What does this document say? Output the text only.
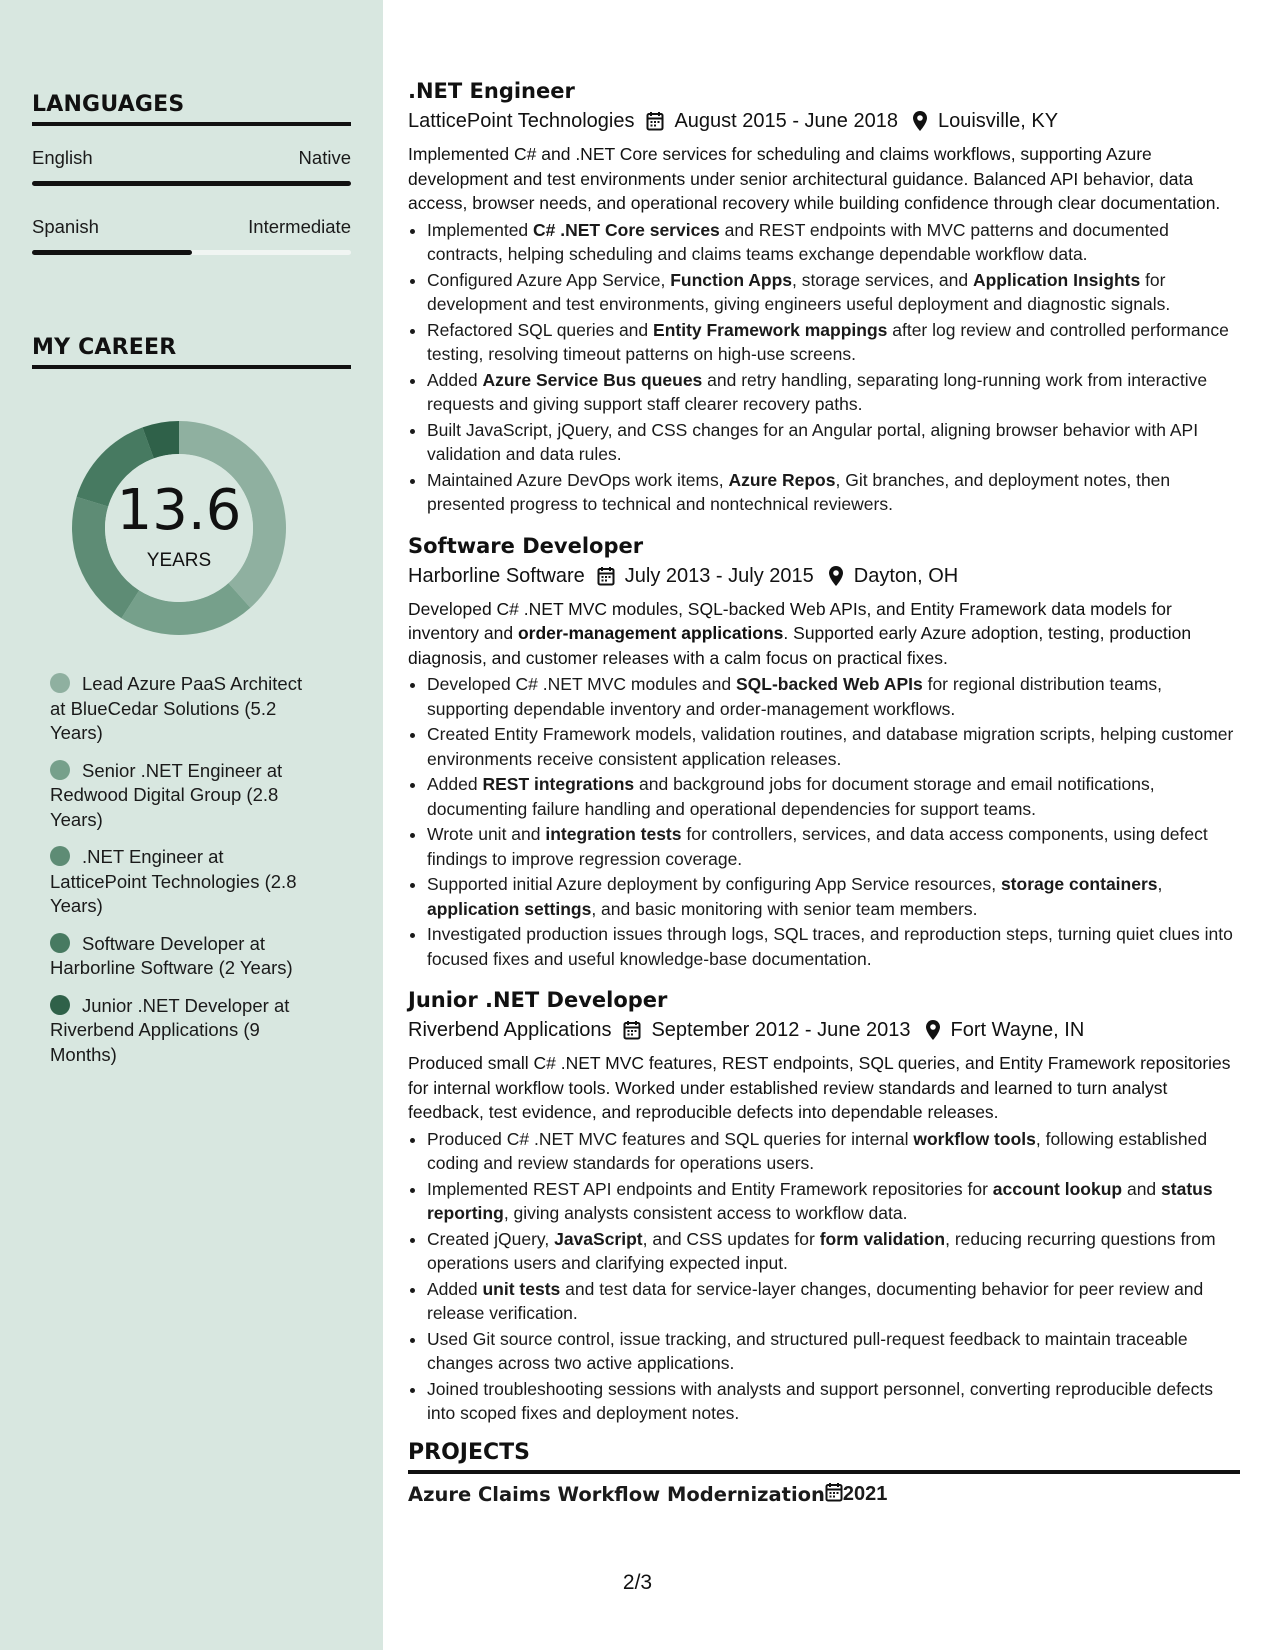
LANGUAGES
English	Native
Spanish	Intermediate
MY CAREER
13.6
YEARS
Lead Azure PaaS Architect at BlueCedar Solutions (5.2 Years)
Senior .NET Engineer at Redwood Digital Group (2.8 Years)
.NET Engineer at LatticePoint Technologies (2.8 Years)
Software Developer at Harborline Software (2 Years)
Junior .NET Developer at Riverbend Applications (9 Months)
.NET Engineer
LatticePoint Technologies August 2015 - June 2018 Louisville, KY

Implemented C# and .NET Core services for scheduling and claims workflows, supporting Azure development and test environments under senior architectural guidance. Balanced API behavior, data access, browser needs, and operational recovery while building confidence through clear documentation.

• Implemented C# .NET Core services and REST endpoints with MVC patterns and documented contracts, helping scheduling and claims teams exchange dependable workflow data.
• Configured Azure App Service, Function Apps, storage services, and Application Insights for development and test environments, giving engineers useful deployment and diagnostic signals.
• Refactored SQL queries and Entity Framework mappings after log review and controlled performance testing, resolving timeout patterns on high-use screens.
• Added Azure Service Bus queues and retry handling, separating long-running work from interactive requests and giving support staff clearer recovery paths.
• Built JavaScript, jQuery, and CSS changes for an Angular portal, aligning browser behavior with API validation and data rules.
• Maintained Azure DevOps work items, Azure Repos, Git branches, and deployment notes, then presented progress to technical and nontechnical reviewers.
Software Developer
Harborline Software July 2013 - July 2015 Dayton, OH

Developed C# .NET MVC modules, SQL-backed Web APIs, and Entity Framework data models for inventory and order-management applications. Supported early Azure adoption, testing, production diagnosis, and customer releases with a calm focus on practical fixes.

• Developed C# .NET MVC modules and SQL-backed Web APIs for regional distribution teams, supporting dependable inventory and order-management workflows.
• Created Entity Framework models, validation routines, and database migration scripts, helping customer environments receive consistent application releases.
• Added REST integrations and background jobs for document storage and email notifications, documenting failure handling and operational dependencies for support teams.
• Wrote unit and integration tests for controllers, services, and data access components, using defect findings to improve regression coverage.
• Supported initial Azure deployment by configuring App Service resources, storage containers, application settings, and basic monitoring with senior team members.
• Investigated production issues through logs, SQL traces, and reproduction steps, turning quiet clues into focused fixes and useful knowledge-base documentation.
Junior .NET Developer
Riverbend Applications September 2012 - June 2013 Fort Wayne, IN

Produced small C# .NET MVC features, REST endpoints, SQL queries, and Entity Framework repositories for internal workflow tools. Worked under established review standards and learned to turn analyst feedback, test evidence, and reproducible defects into dependable releases.

• Produced C# .NET MVC features and SQL queries for internal workflow tools, following established coding and review standards for operations users.
• Implemented REST API endpoints and Entity Framework repositories for account lookup and status reporting, giving analysts consistent access to workflow data.
• Created jQuery, JavaScript, and CSS updates for form validation, reducing recurring questions from operations users and clarifying expected input.
• Added unit tests and test data for service-layer changes, documenting behavior for peer review and release verification.
• Used Git source control, issue tracking, and structured pull-request feedback to maintain traceable changes across two active applications.
• Joined troubleshooting sessions with analysts and support personnel, converting reproducible defects into scoped fixes and deployment notes.
PROJECTS
Azure Claims Workflow Modernization 2021
2/3
